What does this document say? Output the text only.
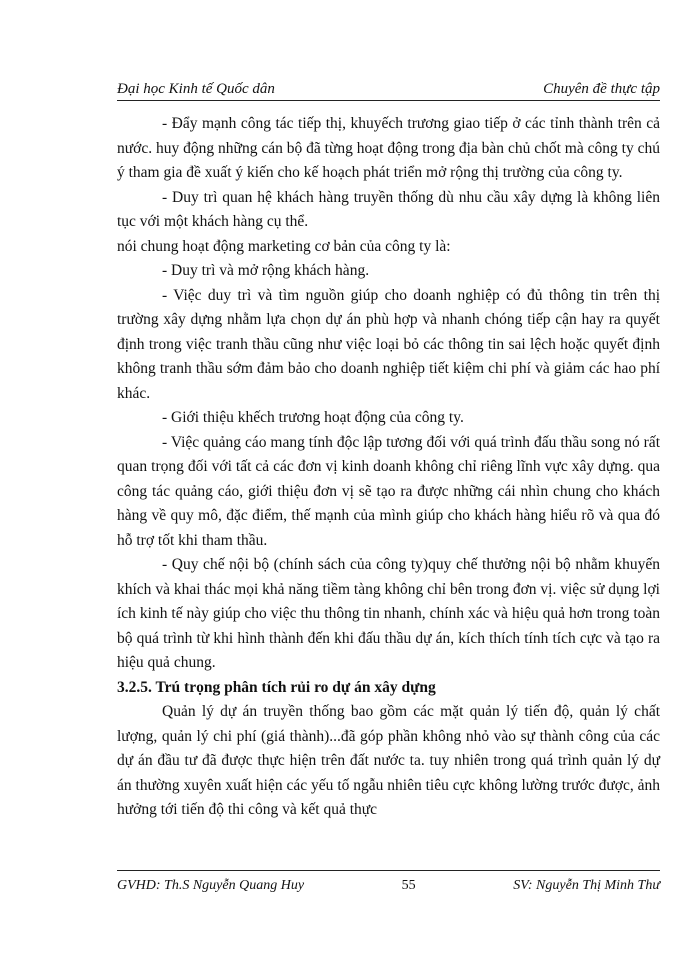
Đại học Kinh tế Quốc dân	Chuyên đề thực tập

- Đẩy mạnh công tác tiếp thị, khuyếch trương giao tiếp ở các tỉnh thành trên cả nước. huy động những cán bộ đã từng hoạt động trong địa bàn chủ chốt mà công ty chú ý tham gia đề xuất ý kiến cho kế hoạch phát triển mở rộng thị trường của công ty.

- Duy trì quan hệ khách hàng truyền thống dù nhu cầu xây dựng là không liên tục với một khách hàng cụ thể.

nói chung hoạt động marketing cơ bản của công ty là:

- Duy trì và mở rộng khách hàng.

- Việc duy trì và tìm nguồn giúp cho doanh nghiệp có đủ thông tin trên thị trường xây dựng nhằm lựa chọn dự án phù hợp và nhanh chóng tiếp cận hay ra quyết định trong việc tranh thầu cũng như việc loại bỏ các thông tin sai lệch hoặc quyết định không tranh thầu sớm đảm bảo cho doanh nghiệp tiết kiệm chi phí và giảm các hao phí khác.

- Giới thiệu khếch trương hoạt động của công ty.

- Việc quảng cáo mang tính độc lập tương đối với quá trình đấu thầu song nó rất quan trọng đối với tất cả các đơn vị kinh doanh không chỉ riêng lĩnh vực xây dựng. qua công tác quảng cáo, giới thiệu đơn vị sẽ tạo ra được những cái nhìn chung cho khách hàng về quy mô, đặc điểm, thế mạnh của mình giúp cho khách hàng hiểu rõ và qua đó hỗ trợ tốt khi tham thầu.

- Quy chế nội bộ (chính sách của công ty)quy chế thưởng nội bộ nhằm khuyến khích và khai thác mọi khả năng tiềm tàng không chỉ bên trong đơn vị. việc sử dụng lợi ích kinh tế này giúp cho việc thu thông tin nhanh, chính xác và hiệu quả hơn trong toàn bộ quá trình từ khi hình thành đến khi đấu thầu dự án, kích thích tính tích cực và tạo ra hiệu quả chung.

3.2.5. Trú trọng phân tích rủi ro dự án xây dựng

Quản lý dự án truyền thống bao gồm các mặt quản lý tiến độ, quản lý chất lượng, quản lý chi phí (giá thành)...đã góp phần không nhỏ vào sự thành công của các dự án đầu tư đã được thực hiện trên đất nước ta. tuy nhiên trong quá trình quản lý dự án thường xuyên xuất hiện các yếu tố ngẫu nhiên tiêu cực không lường trước được, ảnh hưởng tới tiến độ thi công và kết quả thực

GVHD: Th.S Nguyễn Quang Huy	55	SV: Nguyễn Thị Minh Thư
